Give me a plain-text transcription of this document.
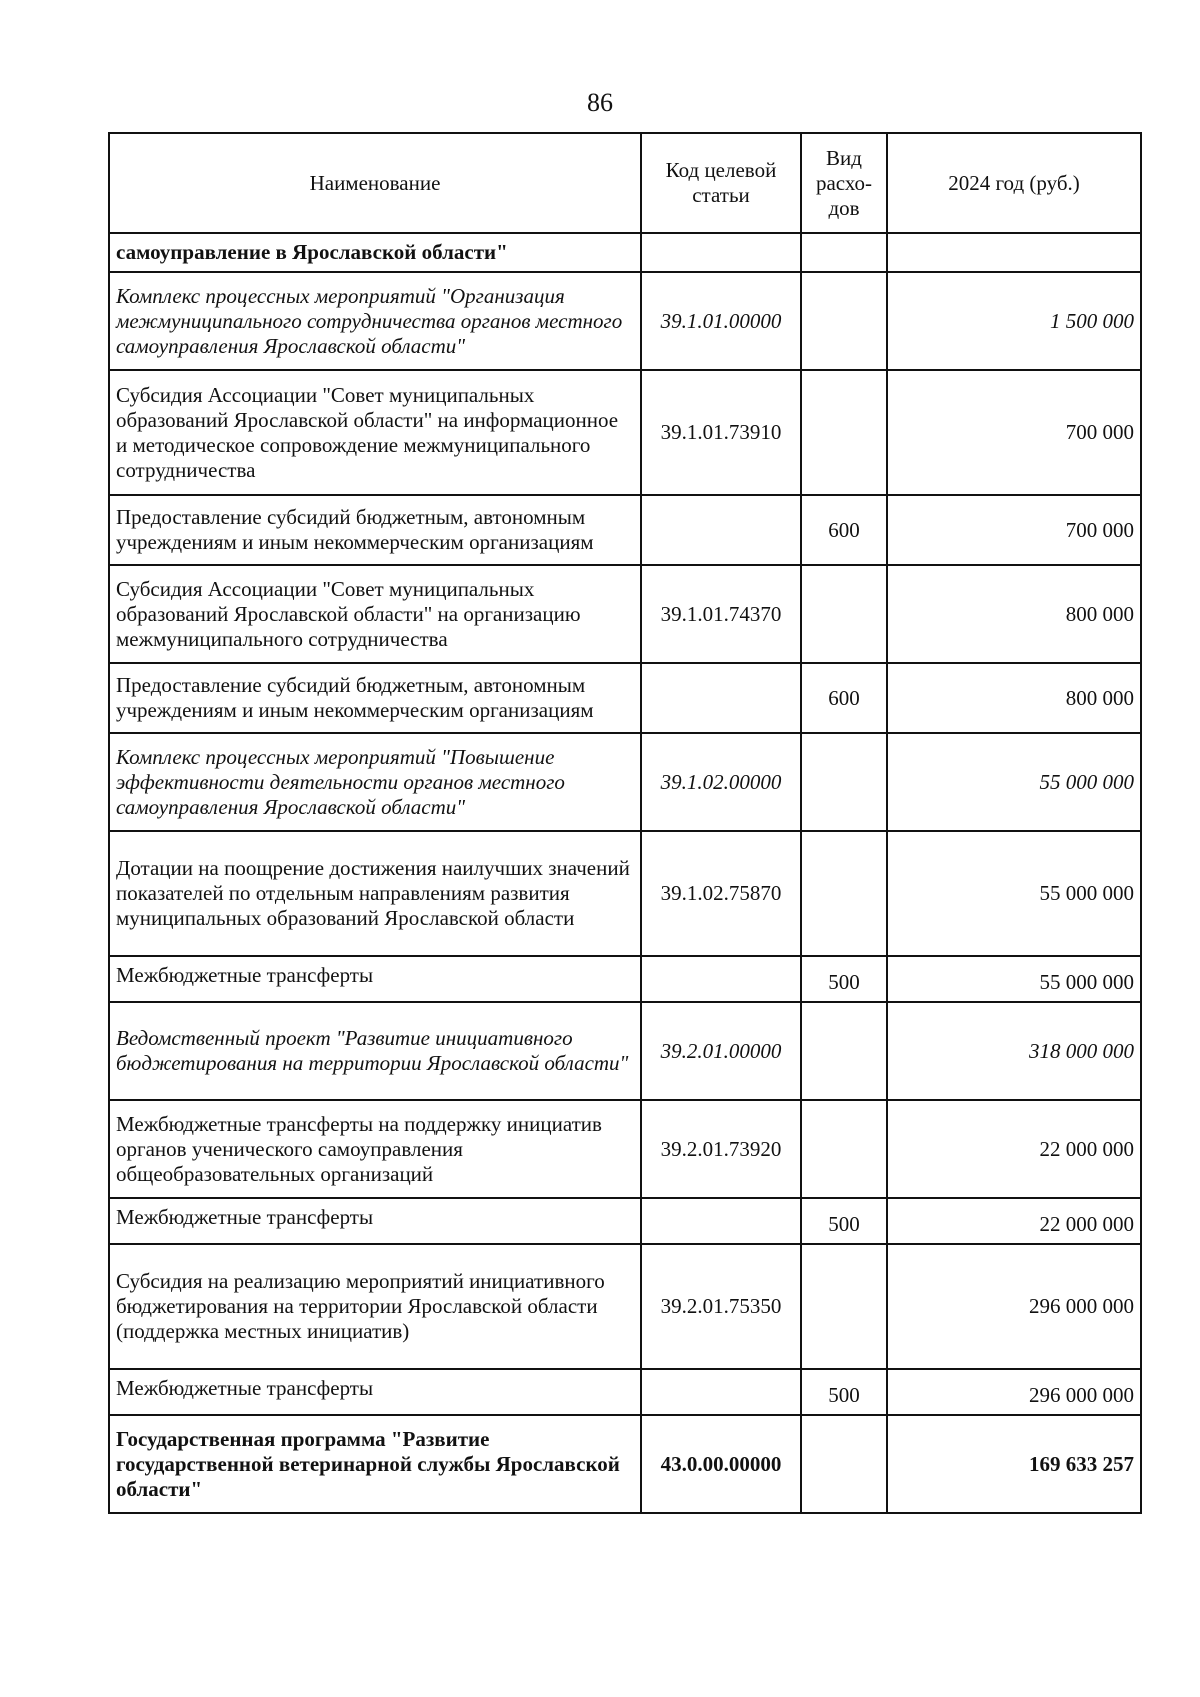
86
Наименование	Код целевой статьи	Вид расхо-дов	2024 год (руб.)
самоуправление в Ярославской области"			
Комплекс процессных мероприятий "Организация межмуниципального сотрудничества органов местного самоуправления Ярославской области"	39.1.01.00000		1 500 000
Субсидия Ассоциации "Совет муниципальных образований Ярославской области" на информационное и методическое сопровождение межмуниципального сотрудничества	39.1.01.73910		700 000
Предоставление субсидий бюджетным, автономным учреждениям и иным некоммерческим организациям		600	700 000
Субсидия Ассоциации "Совет муниципальных образований Ярославской области" на организацию межмуниципального сотрудничества	39.1.01.74370		800 000
Предоставление субсидий бюджетным, автономным учреждениям и иным некоммерческим организациям		600	800 000
Комплекс процессных мероприятий "Повышение эффективности деятельности органов местного самоуправления Ярославской области"	39.1.02.00000		55 000 000
Дотации на поощрение достижения наилучших значений показателей по отдельным направлениям развития муниципальных образований Ярославской области	39.1.02.75870		55 000 000
Межбюджетные трансферты		500	55 000 000
Ведомственный проект "Развитие инициативного бюджетирования на территории Ярославской области"	39.2.01.00000		318 000 000
Межбюджетные трансферты на поддержку инициатив органов ученического самоуправления общеобразовательных организаций	39.2.01.73920		22 000 000
Межбюджетные трансферты		500	22 000 000
Субсидия на реализацию мероприятий инициативного бюджетирования на территории Ярославской области (поддержка местных инициатив)	39.2.01.75350		296 000 000
Межбюджетные трансферты		500	296 000 000
Государственная программа "Развитие государственной ветеринарной службы Ярославской области"	43.0.00.00000		169 633 257
